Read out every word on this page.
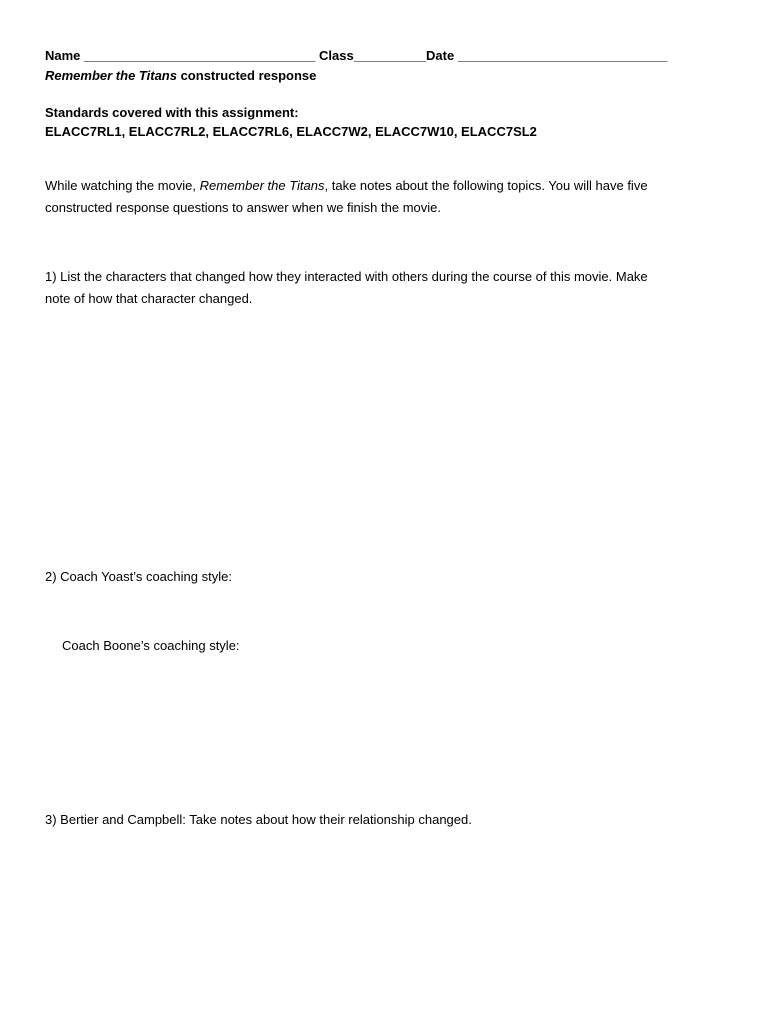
Name ________________________________ Class__________Date _____________________________
Remember the Titans constructed response
Standards covered with this assignment:
ELACC7RL1, ELACC7RL2, ELACC7RL6, ELACC7W2, ELACC7W10, ELACC7SL2
While watching the movie, Remember the Titans, take notes about the following topics. You will have five
constructed response questions to answer when we finish the movie.
1) List the characters that changed how they interacted with others during the course of this movie. Make
note of how that character changed.
2) Coach Yoast’s coaching style:
Coach Boone’s coaching style:
3) Bertier and Campbell: Take notes about how their relationship changed.
